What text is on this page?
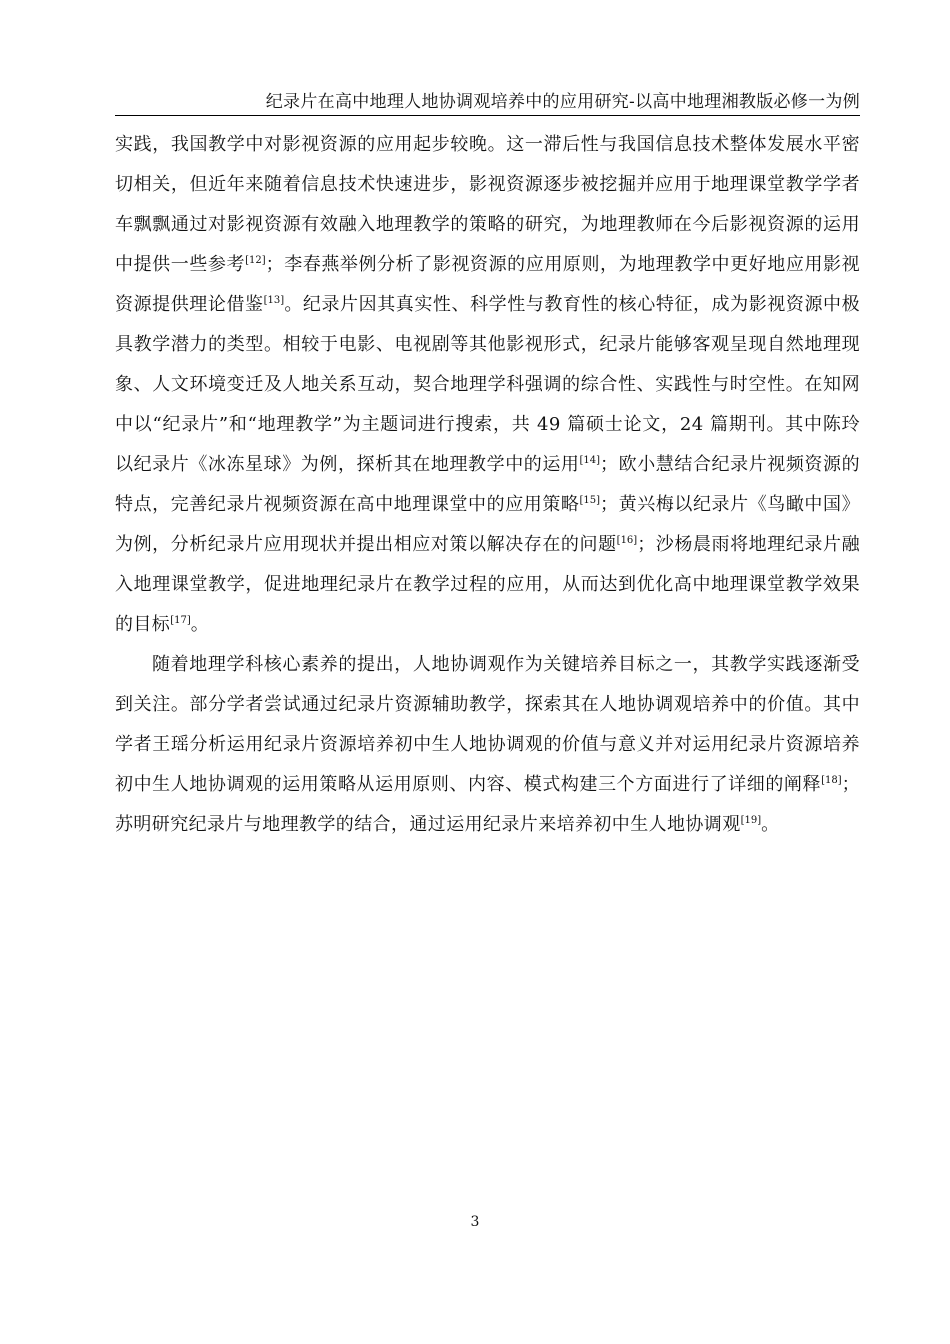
纪录片在高中地理人地协调观培养中的应用研究-以高中地理湘教版必修一为例

实践，我国教学中对影视资源的应用起步较晚。这一滞后性与我国信息技术整体发展水平密切相关，但近年来随着信息技术快速进步，影视资源逐步被挖掘并应用于地理课堂教学学者车飘飘通过对影视资源有效融入地理教学的策略的研究，为地理教师在今后影视资源的运用中提供一些参考[12]；李春燕举例分析了影视资源的应用原则，为地理教学中更好地应用影视资源提供理论借鉴[13]。纪录片因其真实性、科学性与教育性的核心特征，成为影视资源中极具教学潜力的类型。相较于电影、电视剧等其他影视形式，纪录片能够客观呈现自然地理现象、人文环境变迁及人地关系互动，契合地理学科强调的综合性、实践性与时空性。在知网中以“纪录片”和“地理教学”为主题词进行搜索，共 49 篇硕士论文，24 篇期刊。其中陈玲以纪录片《冰冻星球》为例，探析其在地理教学中的运用[14]；欧小慧结合纪录片视频资源的特点，完善纪录片视频资源在高中地理课堂中的应用策略[15]；黄兴梅以纪录片《鸟瞰中国》为例，分析纪录片应用现状并提出相应对策以解决存在的问题[16]；沙杨晨雨将地理纪录片融入地理课堂教学，促进地理纪录片在教学过程的应用，从而达到优化高中地理课堂教学效果的目标[17]。

随着地理学科核心素养的提出，人地协调观作为关键培养目标之一，其教学实践逐渐受到关注。部分学者尝试通过纪录片资源辅助教学，探索其在人地协调观培养中的价值。其中学者王瑶分析运用纪录片资源培养初中生人地协调观的价值与意义并对运用纪录片资源培养初中生人地协调观的运用策略从运用原则、内容、模式构建三个方面进行了详细的阐释[18]；苏明研究纪录片与地理教学的结合，通过运用纪录片来培养初中生人地协调观[19]。

3
